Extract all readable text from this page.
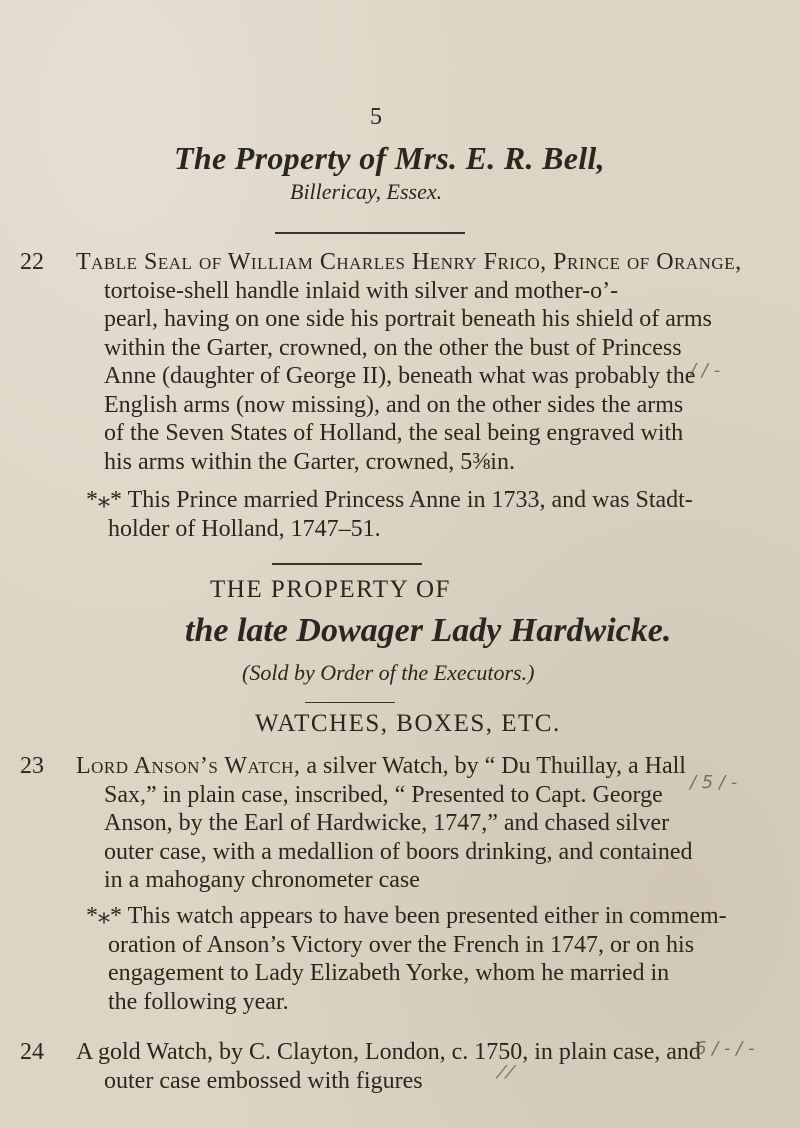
5
The Property of Mrs. E. R. Bell,
Billericay, Essex.
22	Table Seal of William Charles Henry Frico, Prince of Orange,
tortoise-shell handle inlaid with silver and mother-o’-
pearl, having on one side his portrait beneath his shield of arms
within the Garter, crowned, on the other the bust of Princess
Anne (daughter of George II), beneath what was probably the
English arms (now missing), and on the other sides the arms
of the Seven States of Holland, the seal being engraved with
his arms within the Garter, crowned, 5⅜in.
*⁎* This Prince married Princess Anne in 1733, and was Stadt-
holder of Holland, 1747–51.
THE PROPERTY OF
the late Dowager Lady Hardwicke.
(Sold by Order of the Executors.)
WATCHES, BOXES, ETC.
23	Lord Anson’s Watch, a silver Watch, by “ Du Thuillay, a Hall
Sax,” in plain case, inscribed, “ Presented to Capt. George
Anson, by the Earl of Hardwicke, 1747,” and chased silver
outer case, with a medallion of boors drinking, and contained
in a mahogany chronometer case
*⁎* This watch appears to have been presented either in commem-
oration of Anson’s Victory over the French in 1747, or on his
engagement to Lady Elizabeth Yorke, whom he married in
the following year.
24	A gold Watch, by C. Clayton, London, c. 1750, in plain case, and
outer case embossed with figures
/ / -
/ 5 / -
⁄ ⁄
6 / - / -
